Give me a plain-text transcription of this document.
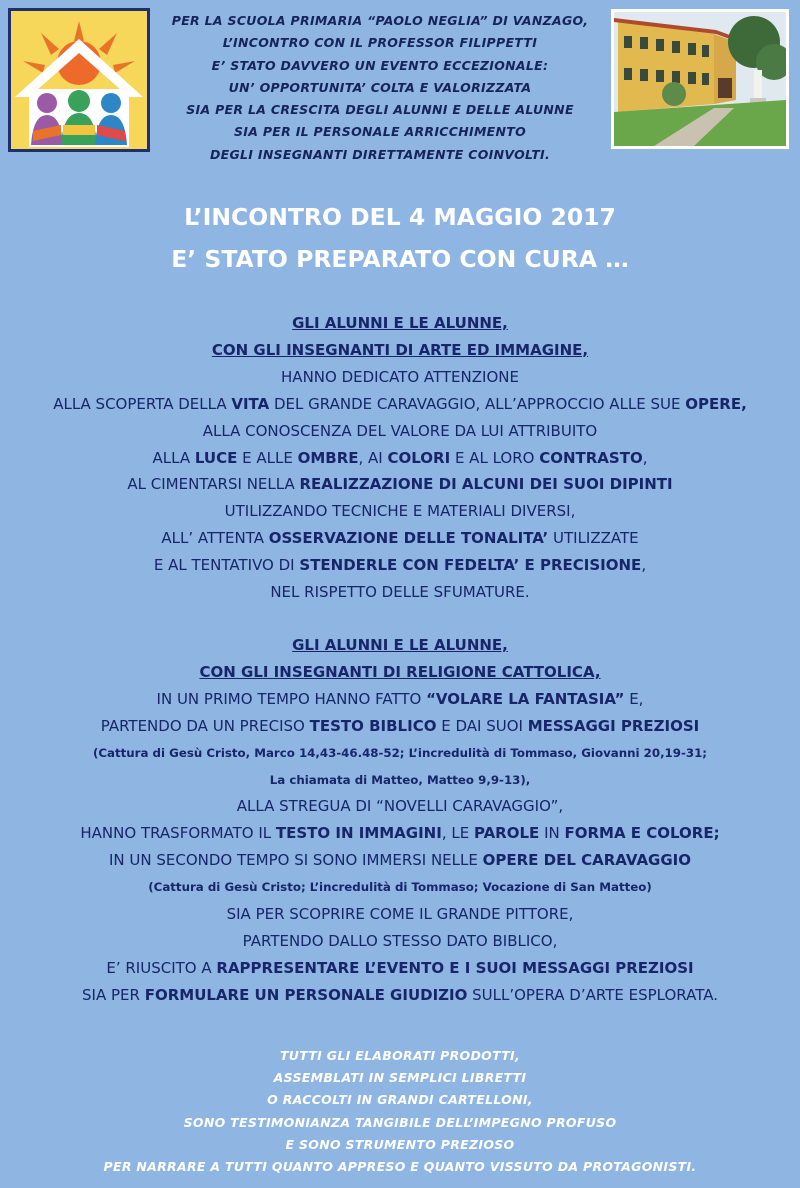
PER LA SCUOLA PRIMARIA “PAOLO NEGLIA” DI VANZAGO,
L’INCONTRO CON IL PROFESSOR FILIPPETTI
E’ STATO DAVVERO UN EVENTO ECCEZIONALE:
UN’ OPPORTUNITA’ COLTA E VALORIZZATA
SIA PER LA CRESCITA DEGLI ALUNNI E DELLE ALUNNE
SIA PER IL PERSONALE ARRICCHIMENTO
DEGLI INSEGNANTI DIRETTAMENTE COINVOLTI.
L’INCONTRO DEL 4 MAGGIO 2017
E’ STATO PREPARATO CON CURA …
GLI ALUNNI E LE ALUNNE,
CON GLI INSEGNANTI DI ARTE ED IMMAGINE,
HANNO DEDICATO ATTENZIONE
ALLA SCOPERTA DELLA VITA DEL GRANDE CARAVAGGIO, ALL’APPROCCIO ALLE SUE OPERE,
ALLA CONOSCENZA DEL VALORE DA LUI ATTRIBUITO
ALLA LUCE E ALLE OMBRE, AI COLORI E AL LORO CONTRASTO,
AL CIMENTARSI NELLA REALIZZAZIONE DI ALCUNI DEI SUOI DIPINTI
UTILIZZANDO TECNICHE E MATERIALI DIVERSI,
ALL’ ATTENTA OSSERVAZIONE DELLE TONALITA’ UTILIZZATE
E AL TENTATIVO DI STENDERLE CON FEDELTA’ E PRECISIONE,
NEL RISPETTO DELLE SFUMATURE.
GLI ALUNNI E LE ALUNNE,
CON GLI INSEGNANTI DI RELIGIONE CATTOLICA,
IN UN PRIMO TEMPO HANNO FATTO “VOLARE LA FANTASIA” E,
PARTENDO DA UN PRECISO TESTO BIBLICO E DAI SUOI MESSAGGI PREZIOSI
(Cattura di Gesù Cristo, Marco 14,43-46.48-52; L’incredulità di Tommaso, Giovanni 20,19-31;
La chiamata di Matteo, Matteo 9,9-13),
ALLA STREGUA DI “NOVELLI CARAVAGGIO”,
HANNO TRASFORMATO IL TESTO IN IMMAGINI, LE PAROLE IN FORMA E COLORE;
IN UN SECONDO TEMPO SI SONO IMMERSI NELLE OPERE DEL CARAVAGGIO
(Cattura di Gesù Cristo; L’incredulità di Tommaso; Vocazione di San Matteo)
SIA PER SCOPRIRE COME IL GRANDE PITTORE,
PARTENDO DALLO STESSO DATO BIBLICO,
E’ RIUSCITO A RAPPRESENTARE L’EVENTO E I SUOI MESSAGGI PREZIOSI
SIA PER FORMULARE UN PERSONALE GIUDIZIO SULL’OPERA D’ARTE ESPLORATA.
TUTTI GLI ELABORATI PRODOTTI,
ASSEMBLATI IN SEMPLICI LIBRETTI
O RACCOLTI IN GRANDI CARTELLONI,
SONO TESTIMONIANZA TANGIBILE DELL’IMPEGNO PROFUSO
E SONO STRUMENTO PREZIOSO
PER NARRARE A TUTTI QUANTO APPRESO E QUANTO VISSUTO DA PROTAGONISTI.
